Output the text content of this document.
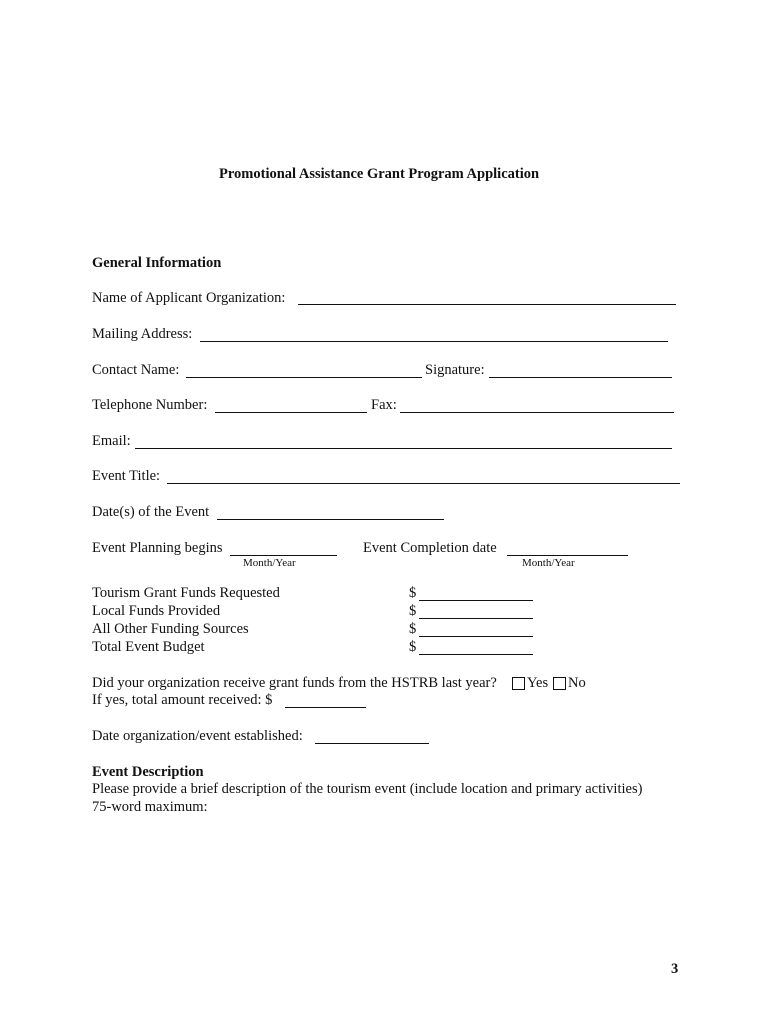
Promotional Assistance Grant Program Application
General Information
Name of Applicant Organization:
Mailing Address:
Contact Name:	Signature:
Telephone Number:	Fax:
Email:
Event Title:
Date(s) of the Event
Event Planning begins
Month/Year
Event Completion date
Month/Year
Tourism Grant Funds Requested	$
Local Funds Provided	$
All Other Funding Sources	$
Total Event Budget	$
Did your organization receive grant funds from the HSTRB last year? Yes No
If yes, total amount received: $
Date organization/event established:
Event Description
Please provide a brief description of the tourism event (include location and primary activities)
75-word maximum:
3
